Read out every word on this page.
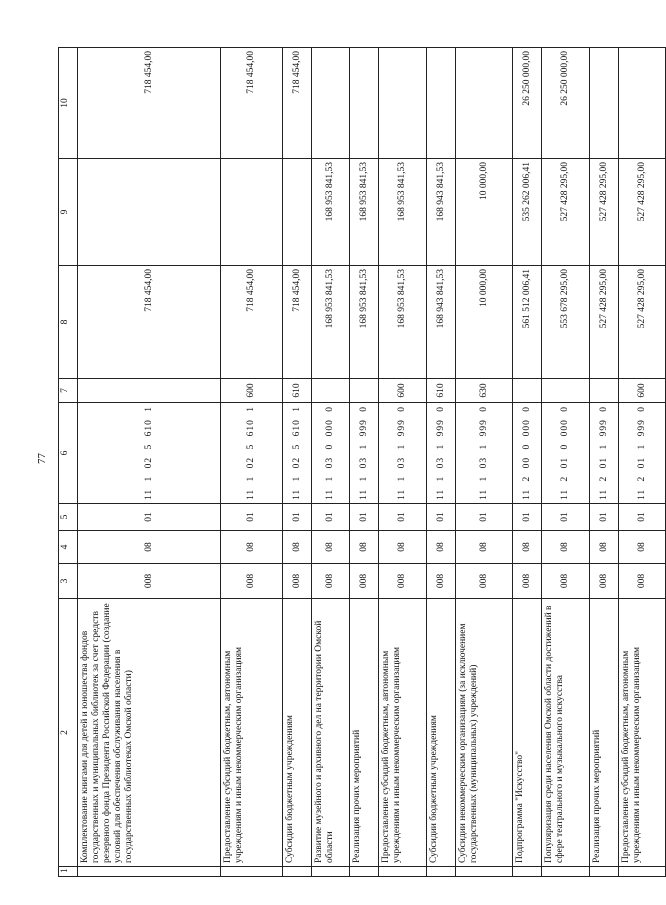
77
1	2	3	4	5	6	7	8	9	10
	Комплектование книгами для детей и юношества фондов государственных и муниципальных библиотек за счет средств резервного фонда Президента Российской Федерации (создание условий для обеспечения обслуживания населения в государственных библиотеках Омской области)	008	08	01	11 1 02 5 610 1		718 454,00		718 454,00
	Предоставление субсидий бюджетным, автономным учреждениям и иным некоммерческим организациям	008	08	01	11 1 02 5 610 1	600	718 454,00		718 454,00
	Субсидии бюджетным учреждениям	008	08	01	11 1 02 5 610 1	610	718 454,00		718 454,00
	Развитие музейного и архивного дел на территории Омской области	008	08	01	11 1 03 0 000 0		168 953 841,53	168 953 841,53	
	Реализация прочих мероприятий	008	08	01	11 1 03 1 999 0		168 953 841,53	168 953 841,53	
	Предоставление субсидий бюджетным, автономным учреждениям и иным некоммерческим организациям	008	08	01	11 1 03 1 999 0	600	168 953 841,53	168 953 841,53	
	Субсидии бюджетным учреждениям	008	08	01	11 1 03 1 999 0	610	168 943 841,53	168 943 841,53	
	Субсидии некоммерческим организациям (за исключением государственных (муниципальных) учреждений)	008	08	01	11 1 03 1 999 0	630	10 000,00	10 000,00	
	Подпрограмма "Искусство"	008	08	01	11 2 00 0 000 0		561 512 006,41	535 262 006,41	26 250 000,00
	Популяризация среди населения Омской области достижений в сфере театрального и музыкального искусства	008	08	01	11 2 01 0 000 0		553 678 295,00	527 428 295,00	26 250 000,00
	Реализация прочих мероприятий	008	08	01	11 2 01 1 999 0		527 428 295,00	527 428 295,00	
	Предоставление субсидий бюджетным, автономным учреждениям и иным некоммерческим организациям	008	08	01	11 2 01 1 999 0	600	527 428 295,00	527 428 295,00	
